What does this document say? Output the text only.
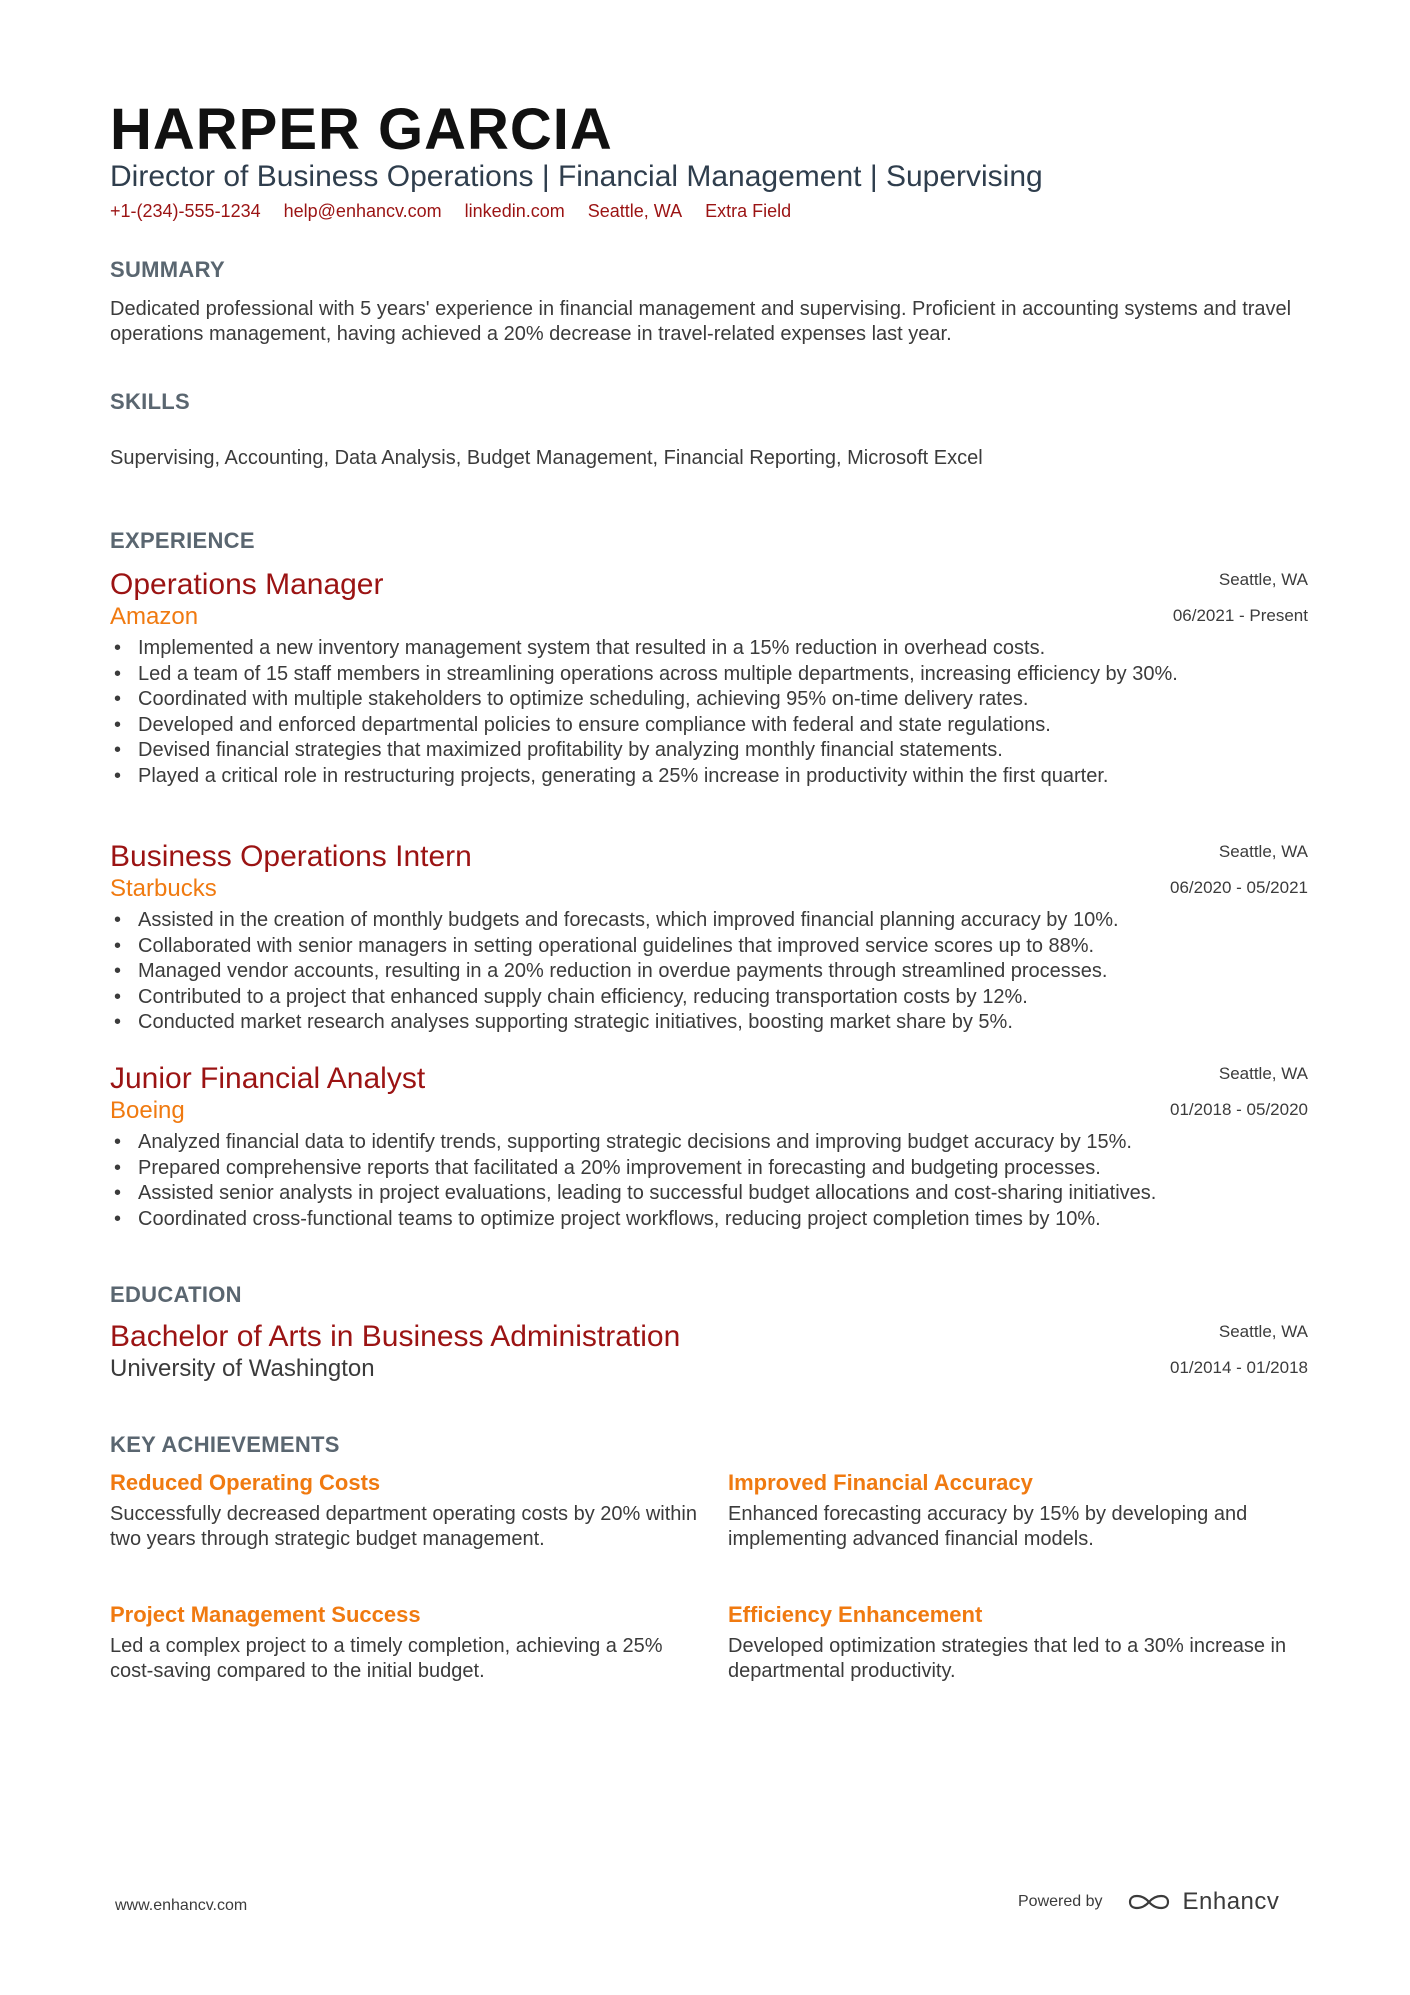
HARPER GARCIA
Director of Business Operations | Financial Management | Supervising
+1-(234)-555-1234 help@enhancv.com linkedin.com Seattle, WA Extra Field
SUMMARY
Dedicated professional with 5 years' experience in financial management and supervising. Proficient in accounting systems and travel operations management, having achieved a 20% decrease in travel-related expenses last year.
SKILLS
Supervising, Accounting, Data Analysis, Budget Management, Financial Reporting, Microsoft Excel
EXPERIENCE
Operations Manager
Amazon
Seattle, WA
06/2021 - Present
• Implemented a new inventory management system that resulted in a 15% reduction in overhead costs.
• Led a team of 15 staff members in streamlining operations across multiple departments, increasing efficiency by 30%.
• Coordinated with multiple stakeholders to optimize scheduling, achieving 95% on-time delivery rates.
• Developed and enforced departmental policies to ensure compliance with federal and state regulations.
• Devised financial strategies that maximized profitability by analyzing monthly financial statements.
• Played a critical role in restructuring projects, generating a 25% increase in productivity within the first quarter.
Business Operations Intern
Starbucks
Seattle, WA
06/2020 - 05/2021
• Assisted in the creation of monthly budgets and forecasts, which improved financial planning accuracy by 10%.
• Collaborated with senior managers in setting operational guidelines that improved service scores up to 88%.
• Managed vendor accounts, resulting in a 20% reduction in overdue payments through streamlined processes.
• Contributed to a project that enhanced supply chain efficiency, reducing transportation costs by 12%.
• Conducted market research analyses supporting strategic initiatives, boosting market share by 5%.
Junior Financial Analyst
Boeing
Seattle, WA
01/2018 - 05/2020
• Analyzed financial data to identify trends, supporting strategic decisions and improving budget accuracy by 15%.
• Prepared comprehensive reports that facilitated a 20% improvement in forecasting and budgeting processes.
• Assisted senior analysts in project evaluations, leading to successful budget allocations and cost-sharing initiatives.
• Coordinated cross-functional teams to optimize project workflows, reducing project completion times by 10%.
EDUCATION
Bachelor of Arts in Business Administration
University of Washington
Seattle, WA
01/2014 - 01/2018
KEY ACHIEVEMENTS
Reduced Operating Costs
Successfully decreased department operating costs by 20% within two years through strategic budget management.
Improved Financial Accuracy
Enhanced forecasting accuracy by 15% by developing and implementing advanced financial models.
Project Management Success
Led a complex project to a timely completion, achieving a 25% cost-saving compared to the initial budget.
Efficiency Enhancement
Developed optimization strategies that led to a 30% increase in departmental productivity.
www.enhancv.com	Powered by	Enhancv
